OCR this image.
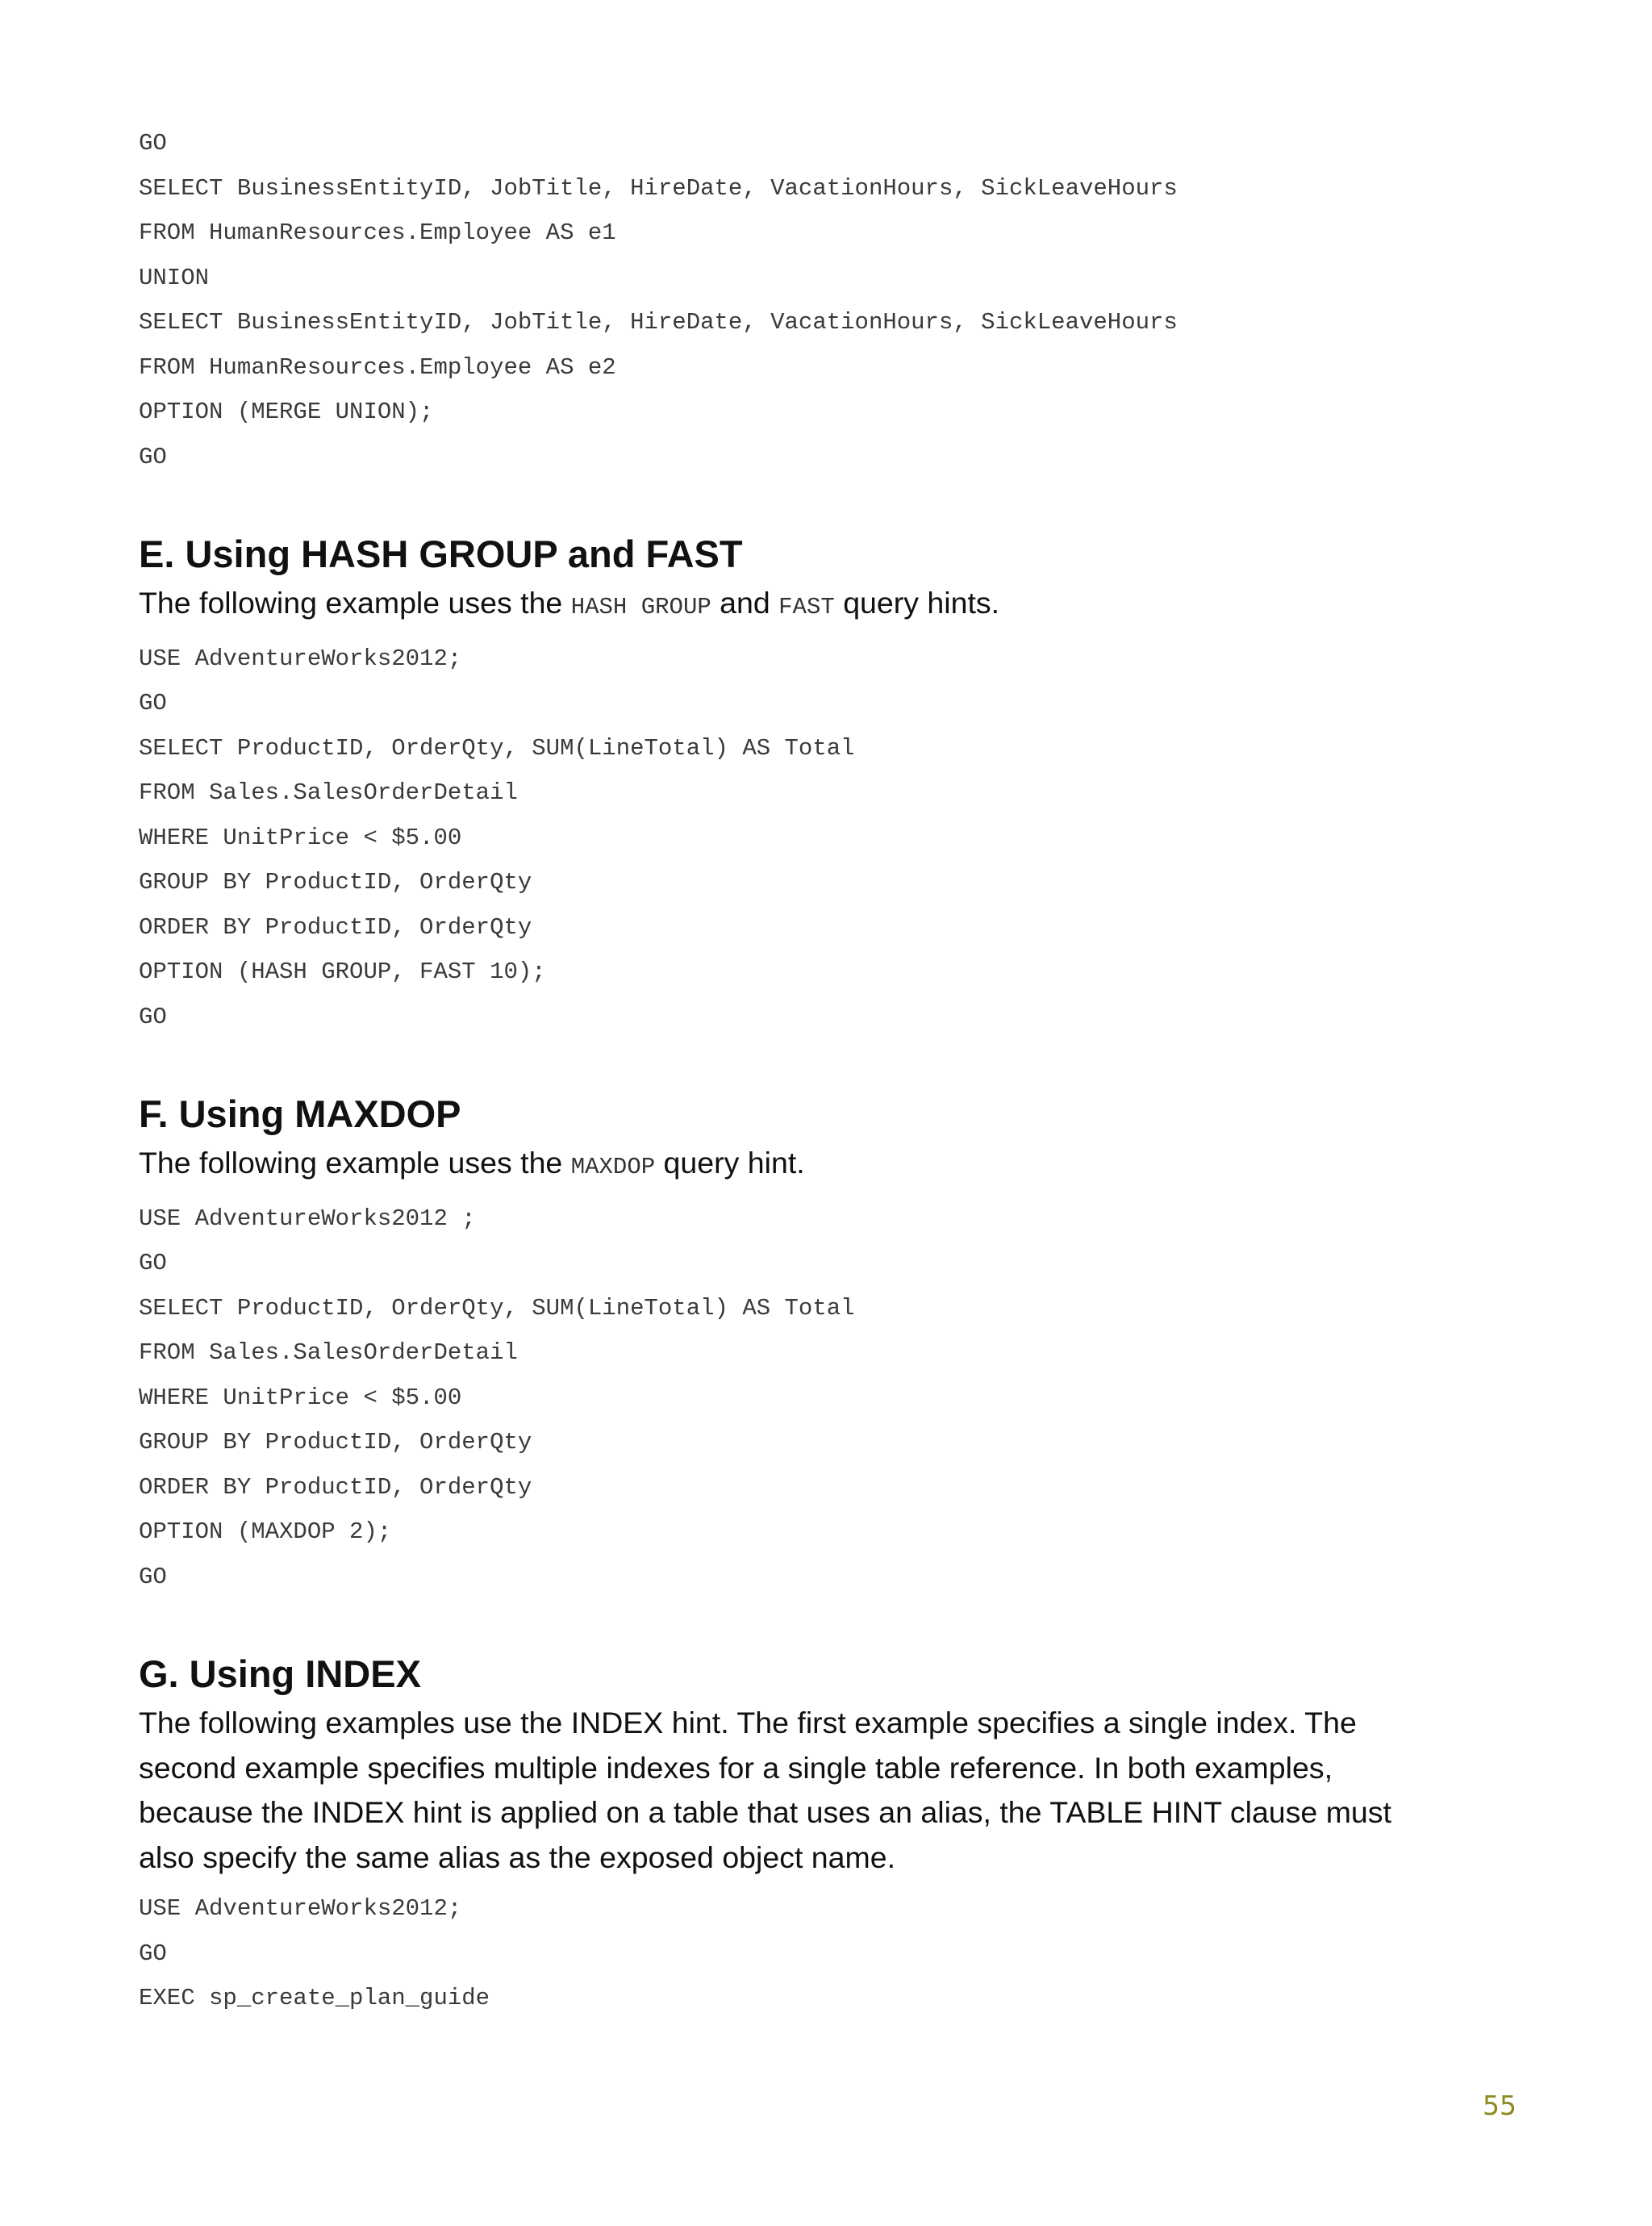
GO
SELECT BusinessEntityID, JobTitle, HireDate, VacationHours, SickLeaveHours
FROM HumanResources.Employee AS e1
UNION
SELECT BusinessEntityID, JobTitle, HireDate, VacationHours, SickLeaveHours
FROM HumanResources.Employee AS e2
OPTION (MERGE UNION);
GO
E. Using HASH GROUP and FAST

The following example uses the HASH GROUP and FAST query hints.

USE AdventureWorks2012;
GO
SELECT ProductID, OrderQty, SUM(LineTotal) AS Total
FROM Sales.SalesOrderDetail
WHERE UnitPrice < $5.00
GROUP BY ProductID, OrderQty
ORDER BY ProductID, OrderQty
OPTION (HASH GROUP, FAST 10);
GO
F. Using MAXDOP

The following example uses the MAXDOP query hint.

USE AdventureWorks2012 ;
GO
SELECT ProductID, OrderQty, SUM(LineTotal) AS Total
FROM Sales.SalesOrderDetail
WHERE UnitPrice < $5.00
GROUP BY ProductID, OrderQty
ORDER BY ProductID, OrderQty
OPTION (MAXDOP 2);
GO
G. Using INDEX

The following examples use the INDEX hint. The first example specifies a single index. The
second example specifies multiple indexes for a single table reference. In both examples,
because the INDEX hint is applied on a table that uses an alias, the TABLE HINT clause must
also specify the same alias as the exposed object name.

USE AdventureWorks2012;
GO
EXEC sp_create_plan_guide
55
